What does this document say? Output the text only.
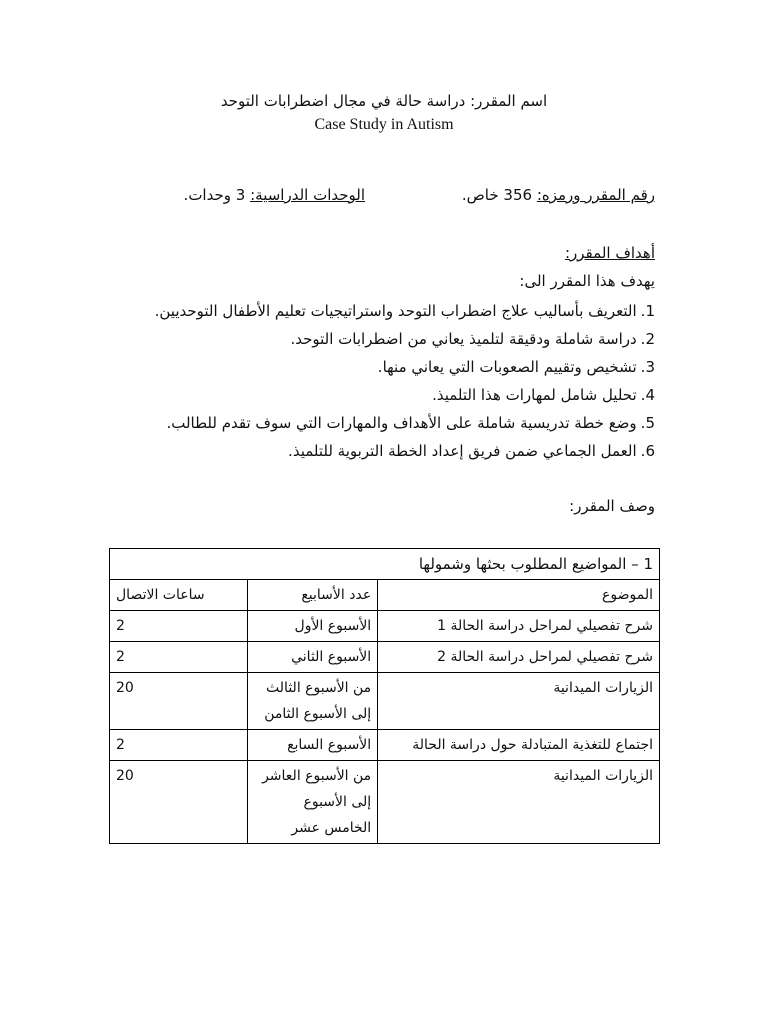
اسم المقرر: دراسة حالة في مجال اضطرابات التوحد
Case Study in Autism
رقم المقرر ورمزه: 356 خاص.
الوحدات الدراسية: 3 وحدات.
أهداف المقرر:
يهدف هذا المقرر الى:
1.التعريف بأساليب علاج اضطراب التوحد واستراتيجيات تعليم الأطفال التوحديين.
2.دراسة شاملة ودقيقة لتلميذ يعاني من اضطرابات التوحد.
3.تشخيص وتقييم الصعوبات التي يعاني منها.
4.تحليل شامل لمهارات هذا التلميذ.
5.وضع خطة تدريسية شاملة على الأهداف والمهارات التي سوف تقدم للطالب.
6.العمل الجماعي ضمن فريق إعداد الخطة التربوية للتلميذ.
وصف المقرر:
1 – المواضيع المطلوب بحثها وشمولها		
الموضوع	عدد الأسابيع	ساعات الاتصال
شرح تفصيلي لمراحل دراسة الحالة 1	الأسبوع الأول	2
شرح تفصيلي لمراحل دراسة الحالة 2	الأسبوع الثاني	2
الزيارات الميدانية	من الأسبوع الثالث إلى الأسبوع الثامن	20
اجتماع للتغذية المتبادلة حول دراسة الحالة	الأسبوع السابع	2
الزيارات الميدانية	من الأسبوع العاشر إلى الأسبوع الخامس عشر	20
